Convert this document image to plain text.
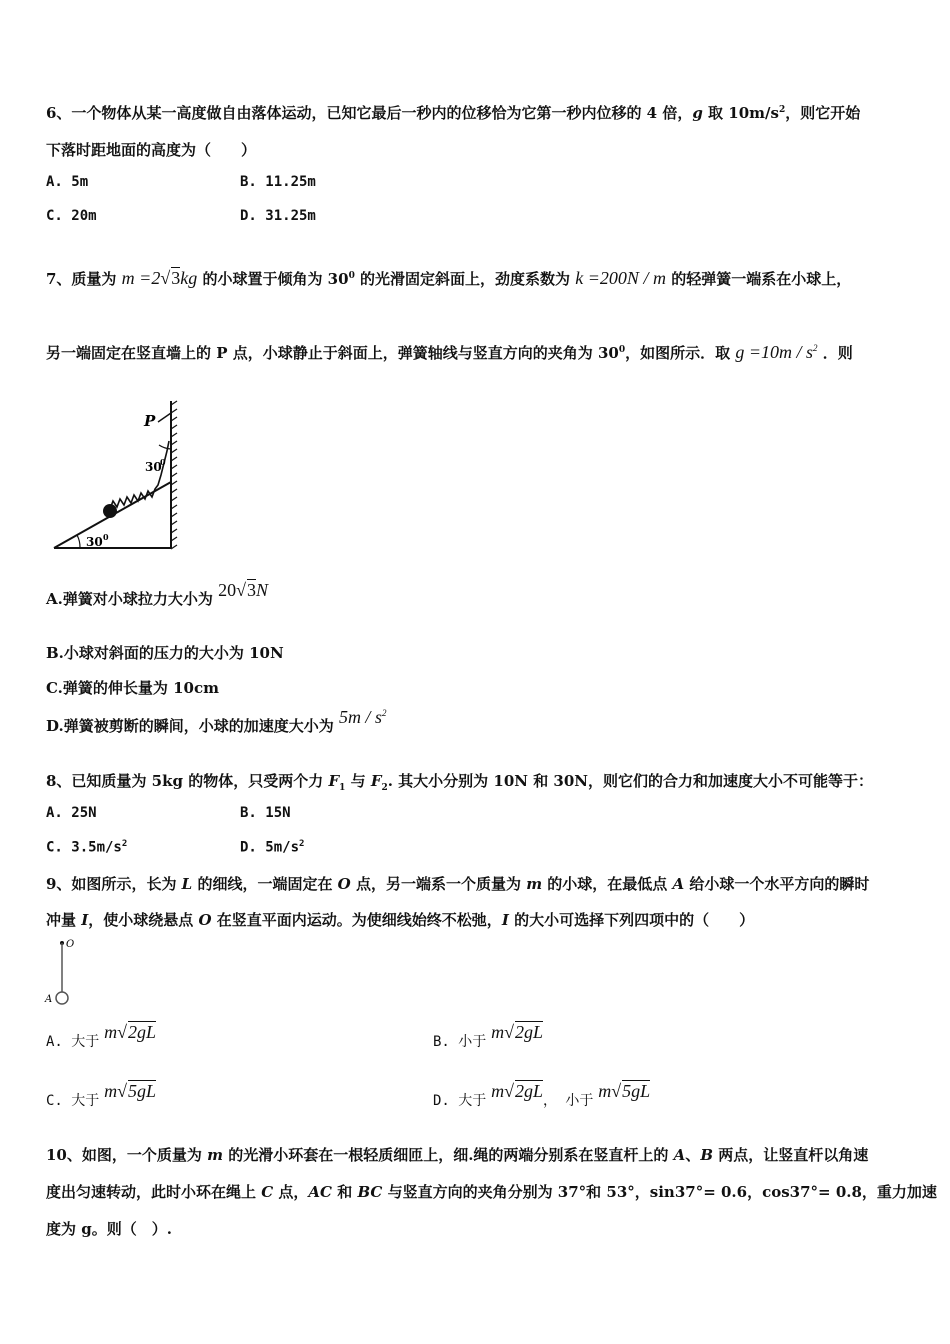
6、一个物体从某一高度做自由落体运动，已知它最后一秒内的位移恰为它第一秒内位移的 4 倍，g 取 $10m/s^2$，则它开始
下落时距地面的高度为（　　）
A. 5m	B. 11.25m
C. 20m	D. 31.25m
7、质量为 m =2√3kg 的小球置于倾角为 $30^0$ 的光滑固定斜面上，劲度系数为 k =200N / m 的轻弹簧一端系在小球上，
另一端固定在竖直墙上的 P 点，小球静止于斜面上，弹簧轴线与竖直方向的夹角为 $30^0$，如图所示．取 $g =10m / s^2$ ．则
30 0
30
0
P
A.弹簧对小球拉力大小为 20√3N
B.小球对斜面的压力的大小为 10N
C.弹簧的伸长量为 10cm
D.弹簧被剪断的瞬间，小球的加速度大小为 $5m / s^2$
8、已知质量为 5kg 的物体，只受两个力 $F_1$ 与 $F_2$. 其大小分别为 10N 和 30N，则它们的合力和加速度大小不可能等于：
A. 25N	B. 15N
C. $3.5m/s^2$	D. $5m/s^2$
9、如图所示，长为 L 的细线，一端固定在 O 点，另一端系一个质量为 m 的小球，在最低点 A 给小球一个水平方向的瞬时
冲量 I，使小球绕悬点 O 在竖直平面内运动。为使细线始终不松弛，I 的大小可选择下列四项中的（　　）
O
A
A. 大于 m√2gL	B. 小于 m√2gL
C. 大于 m√5gL	D. 大于 m√2gL， 小于 m√5gL
10、如图，一个质量为 m 的光滑小环套在一根轻质细匝上，细.绳的两端分别系在竖直杆上的 A、B 两点，让竖直杆以角速
度出匀速转动，此时小环在绳上 C 点，AC 和 BC 与竖直方向的夹角分别为 37°和 53°，sin37°= 0.6，cos37°= 0.8，重力加速
度为 g。则（　）.
